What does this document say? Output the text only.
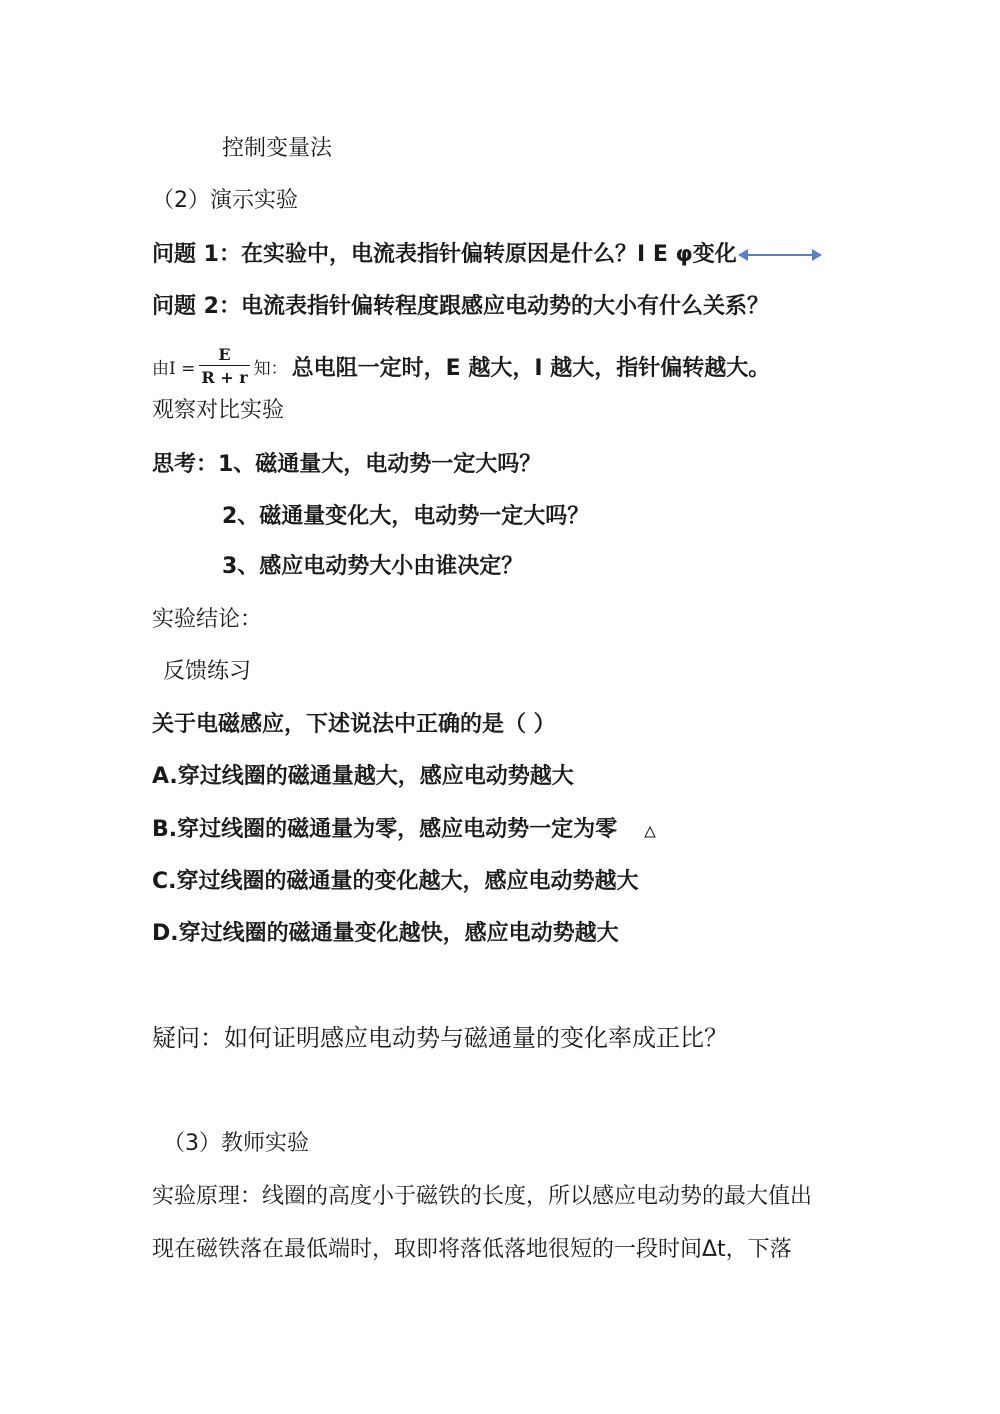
控制变量法
（2）演示实验
问题 1：在实验中，电流表指针偏转原因是什么？I E φ变化
问题 2：电流表指针偏转程度跟感应电动势的大小有什么关系？
由$I = \frac{E}{R + r}$ 知： 总电阻一定时，E 越大，I 越大，指针偏转越大。
观察对比实验
思考：1、磁通量大，电动势一定大吗？
2、磁通量变化大，电动势一定大吗？
3、感应电动势大小由谁决定？
实验结论：
反馈练习
关于电磁感应，下述说法中正确的是（ ）
A.穿过线圈的磁通量越大，感应电动势越大
B.穿过线圈的磁通量为零，感应电动势一定为零
C.穿过线圈的磁通量的变化越大，感应电动势越大
D.穿过线圈的磁通量变化越快，感应电动势越大
疑问：如何证明感应电动势与磁通量的变化率成正比？
（3）教师实验
实验原理：线圈的高度小于磁铁的长度，所以感应电动势的最大值出
现在磁铁落在最低端时，取即将落低落地很短的一段时间Δt，下落
